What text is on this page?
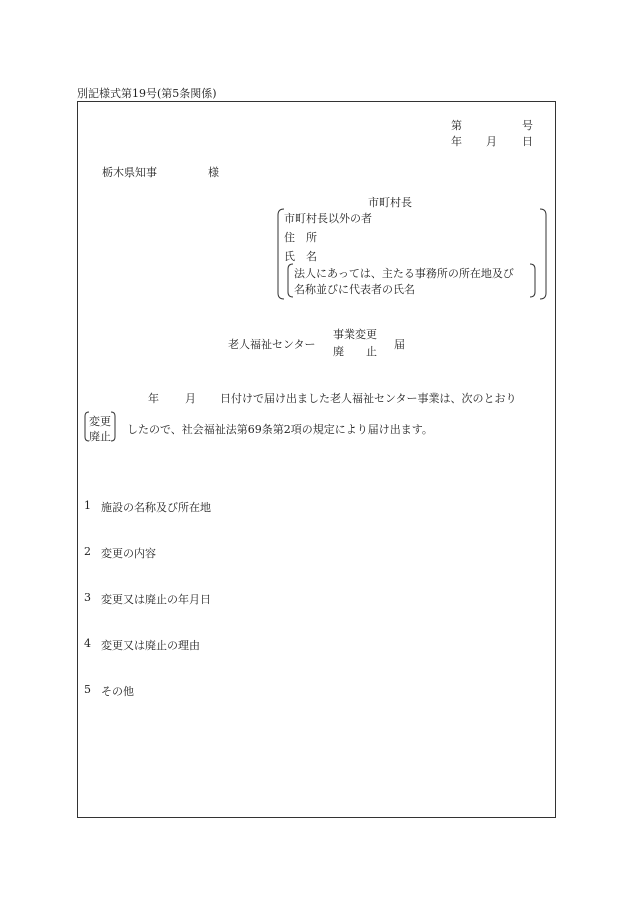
別記様式第19号(第5条関係)
第	号
年 月 日
栃木県知事	様
市町村長
市町村長以外の者
住　所
氏　名
法人にあっては、主たる事務所の所在地及び
名称並びに代表者の氏名
老人福祉センター
事業変更
廃　　止
届
年 月 日付けで届け出ました老人福祉センター事業は、次のとおり
変更
廃止
したので、社会福祉法第69条第2項の規定により届け出ます。
1 施設の名称及び所在地
2 変更の内容
3 変更又は廃止の年月日
4 変更又は廃止の理由
5 その他
